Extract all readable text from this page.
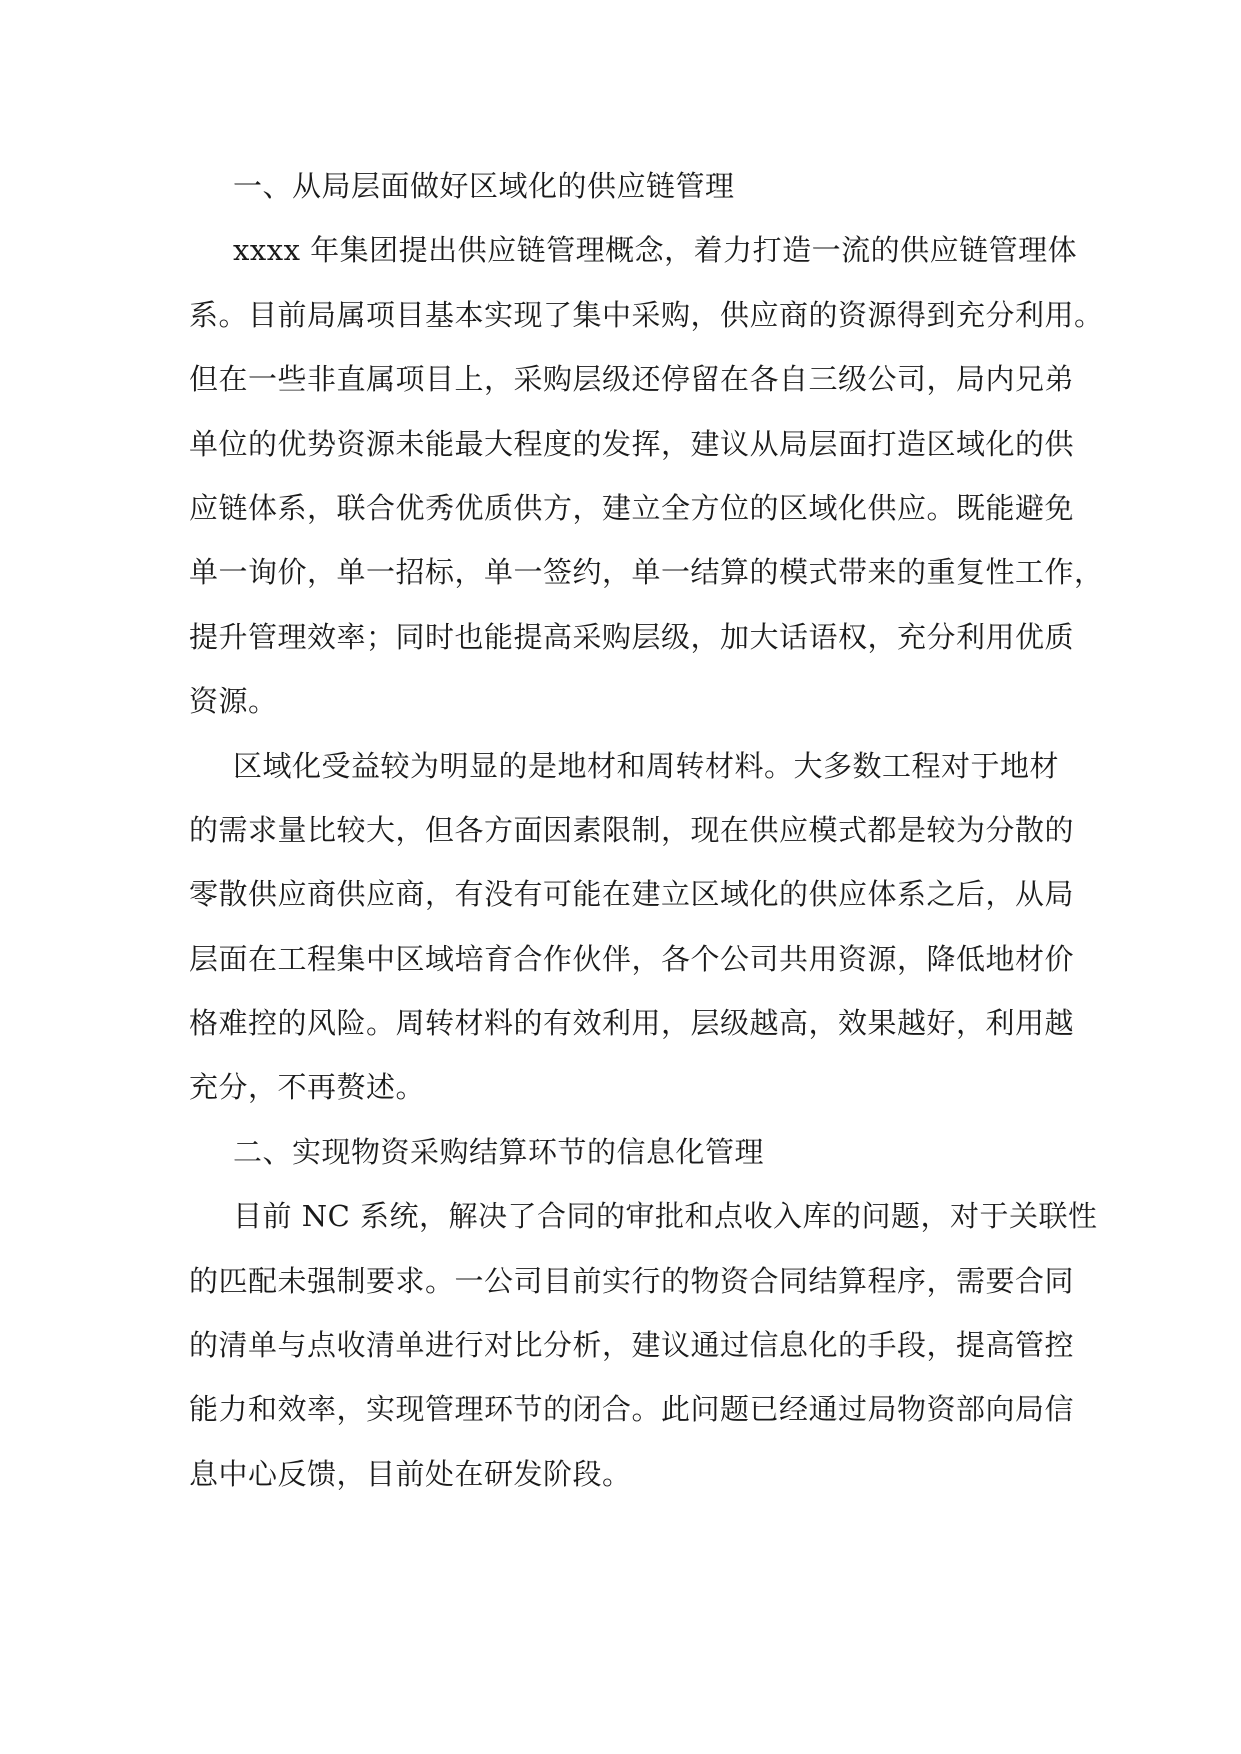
一、从局层面做好区域化的供应链管理
xxxx 年集团提出供应链管理概念，着力打造一流的供应链管理体
系。目前局属项目基本实现了集中采购，供应商的资源得到充分利用。
但在一些非直属项目上，采购层级还停留在各自三级公司，局内兄弟
单位的优势资源未能最大程度的发挥，建议从局层面打造区域化的供
应链体系，联合优秀优质供方，建立全方位的区域化供应。既能避免
单一询价，单一招标，单一签约，单一结算的模式带来的重复性工作，
提升管理效率；同时也能提高采购层级，加大话语权，充分利用优质
资源。
区域化受益较为明显的是地材和周转材料。大多数工程对于地材
的需求量比较大，但各方面因素限制，现在供应模式都是较为分散的
零散供应商供应商，有没有可能在建立区域化的供应体系之后，从局
层面在工程集中区域培育合作伙伴，各个公司共用资源，降低地材价
格难控的风险。周转材料的有效利用，层级越高，效果越好，利用越
充分，不再赘述。
二、实现物资采购结算环节的信息化管理
目前 NC 系统，解决了合同的审批和点收入库的问题，对于关联性
的匹配未强制要求。一公司目前实行的物资合同结算程序，需要合同
的清单与点收清单进行对比分析，建议通过信息化的手段，提高管控
能力和效率，实现管理环节的闭合。此问题已经通过局物资部向局信
息中心反馈，目前处在研发阶段。
